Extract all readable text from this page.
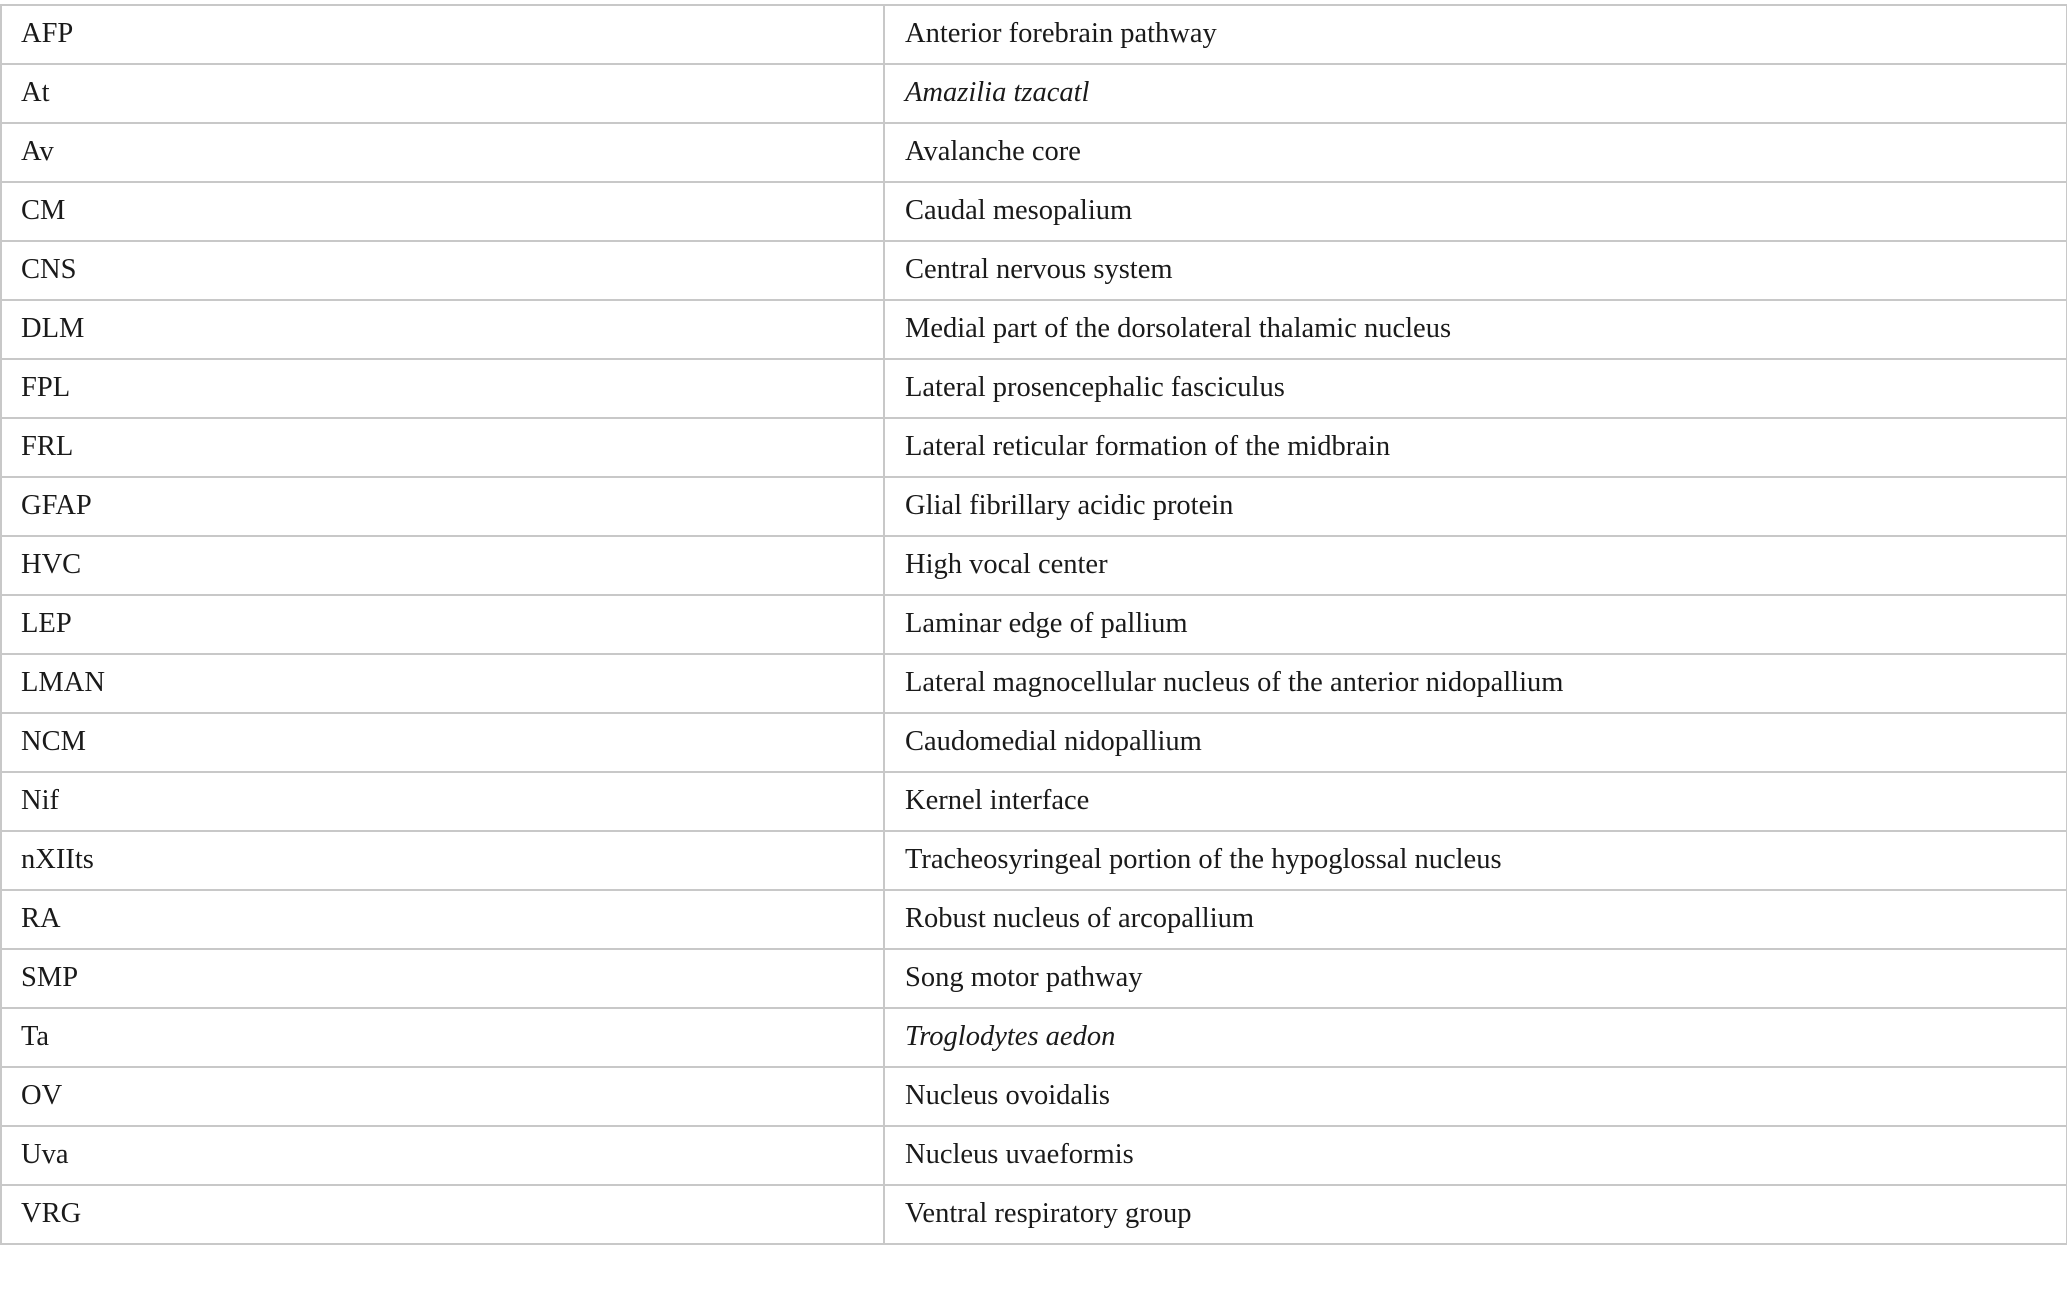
AFP	Anterior forebrain pathway
At	Amazilia tzacatl
Av	Avalanche core
CM	Caudal mesopalium
CNS	Central nervous system
DLM	Medial part of the dorsolateral thalamic nucleus
FPL	Lateral prosencephalic fasciculus
FRL	Lateral reticular formation of the midbrain
GFAP	Glial fibrillary acidic protein
HVC	High vocal center
LEP	Laminar edge of pallium
LMAN	Lateral magnocellular nucleus of the anterior nidopallium
NCM	Caudomedial nidopallium
Nif	Kernel interface
nXIIts	Tracheosyringeal portion of the hypoglossal nucleus
RA	Robust nucleus of arcopallium
SMP	Song motor pathway
Ta	Troglodytes aedon
OV	Nucleus ovoidalis
Uva	Nucleus uvaeformis
VRG	Ventral respiratory group
